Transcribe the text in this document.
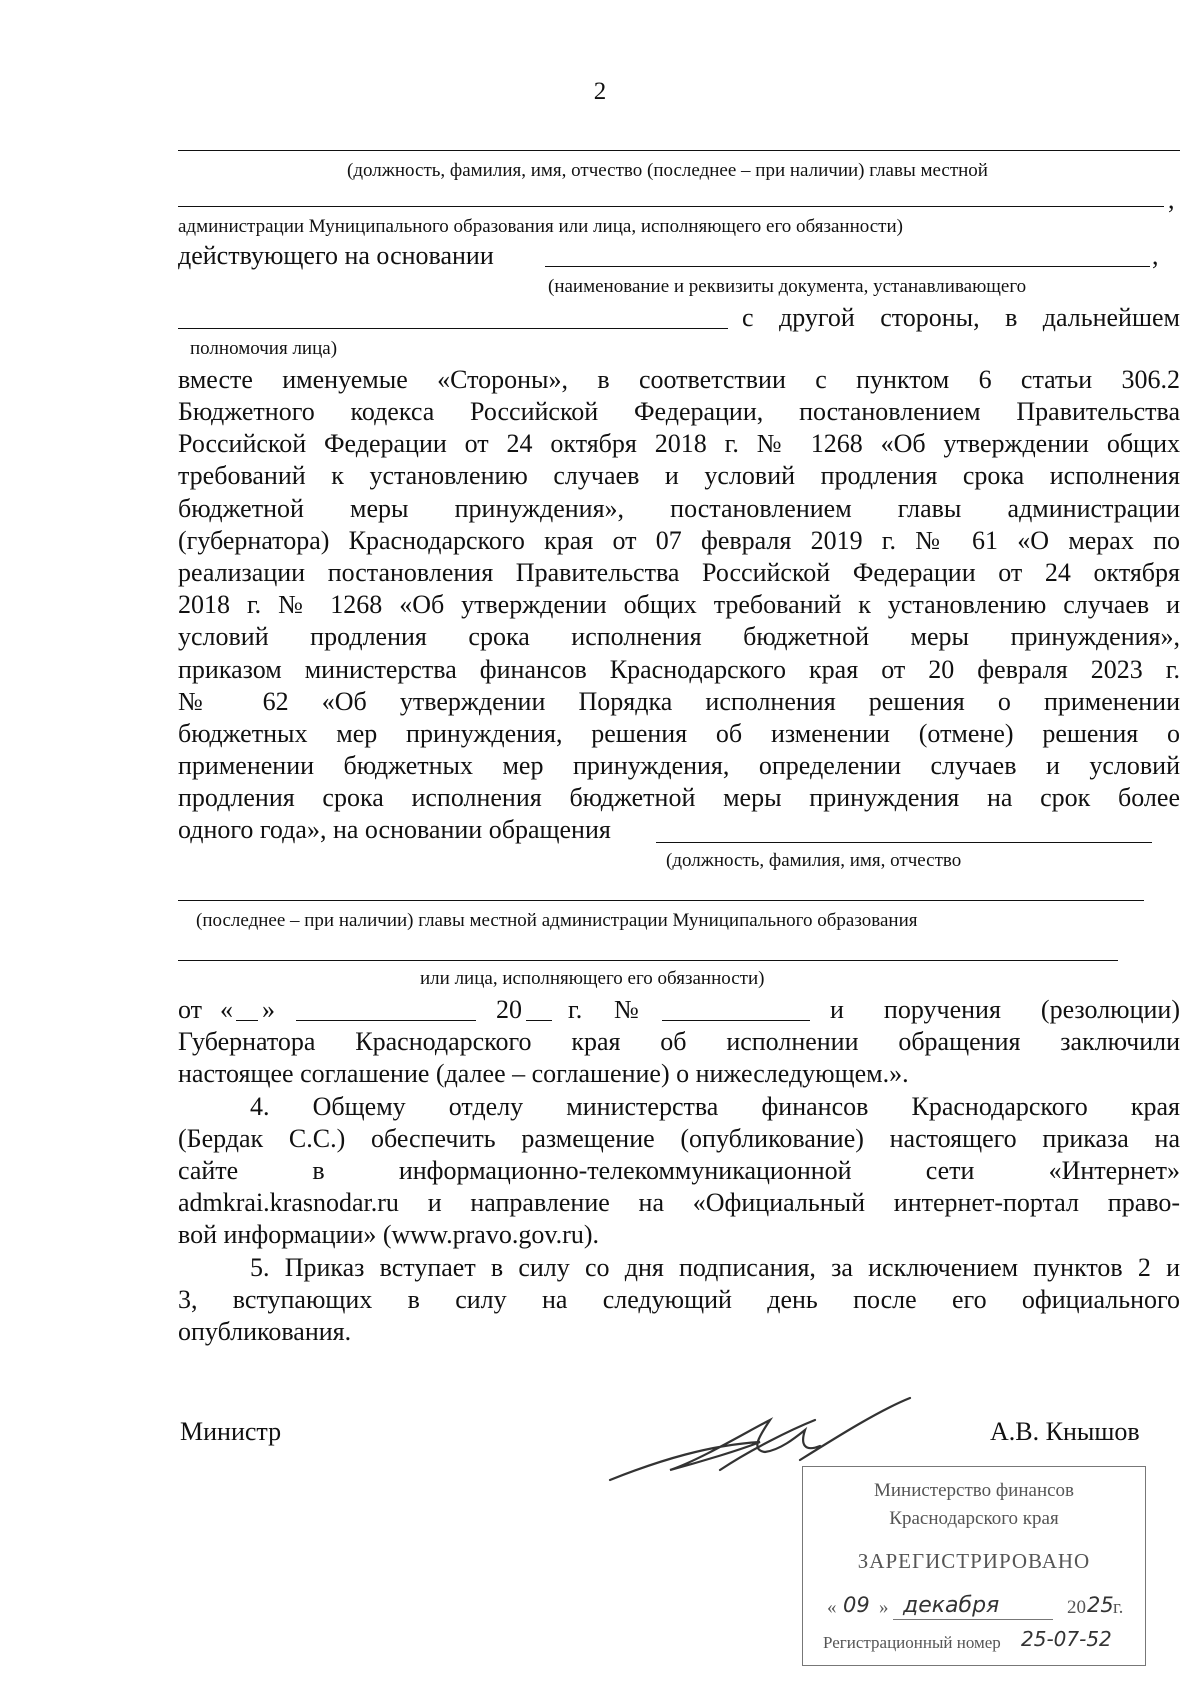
2
(должность, фамилия, имя, отчество (последнее – при наличии) главы местной
,
администрации Муниципального образования или лица, исполняющего его обязанности)
действующего на основании	,
(наименование и реквизиты документа, устанавливающего
с другой стороны, в дальнейшем
полномочия лица)
вместе именуемые «Стороны», в соответствии с пунктом 6 статьи 306.2
Бюджетного кодекса Российской Федерации, постановлением Правительства
Российской Федерации от 24 октября 2018 г. № 1268 «Об утверждении общих
требований к установлению случаев и условий продления срока исполнения
бюджетной меры принуждения», постановлением главы администрации
(губернатора) Краснодарского края от 07 февраля 2019 г. № 61 «О мерах по
реализации постановления Правительства Российской Федерации от 24 октября
2018 г. № 1268 «Об утверждении общих требований к установлению случаев и
условий продления срока исполнения бюджетной меры принуждения»,
приказом министерства финансов Краснодарского края от 20 февраля 2023 г.
№ 62 «Об утверждении Порядка исполнения решения о применении
бюджетных мер принуждения, решения об изменении (отмене) решения о
применении бюджетных мер принуждения, определении случаев и условий
продления срока исполнения бюджетной меры принуждения на срок более
одного года», на основании обращения
(должность, фамилия, имя, отчество
(последнее – при наличии) главы местной администрации Муниципального образования
или лица, исполняющего его обязанности)
от « »	20 г. №	и поручения (резолюции)
Губернатора Краснодарского края об исполнении обращения заключили
настоящее соглашение (далее – соглашение) о нижеследующем.».
4. Общему отделу министерства финансов Краснодарского края
(Бердак С.С.) обеспечить размещение (опубликование) настоящего приказа на
сайте в информационно-телекоммуникационной сети «Интернет»
admkrai.krasnodar.ru и направление на «Официальный интернет-портал право-
вой информации» (www.pravo.gov.ru).
5. Приказ вступает в силу со дня подписания, за исключением пунктов 2 и
3, вступающих в силу на следующий день после его официального
опубликования.
Министр	А.В. Кнышов
Министерство финансов
Краснодарского края
ЗАРЕГИСТРИРОВАНО
« 09 » декабря	20 25 г.
Регистрационный номер 25-07-52
